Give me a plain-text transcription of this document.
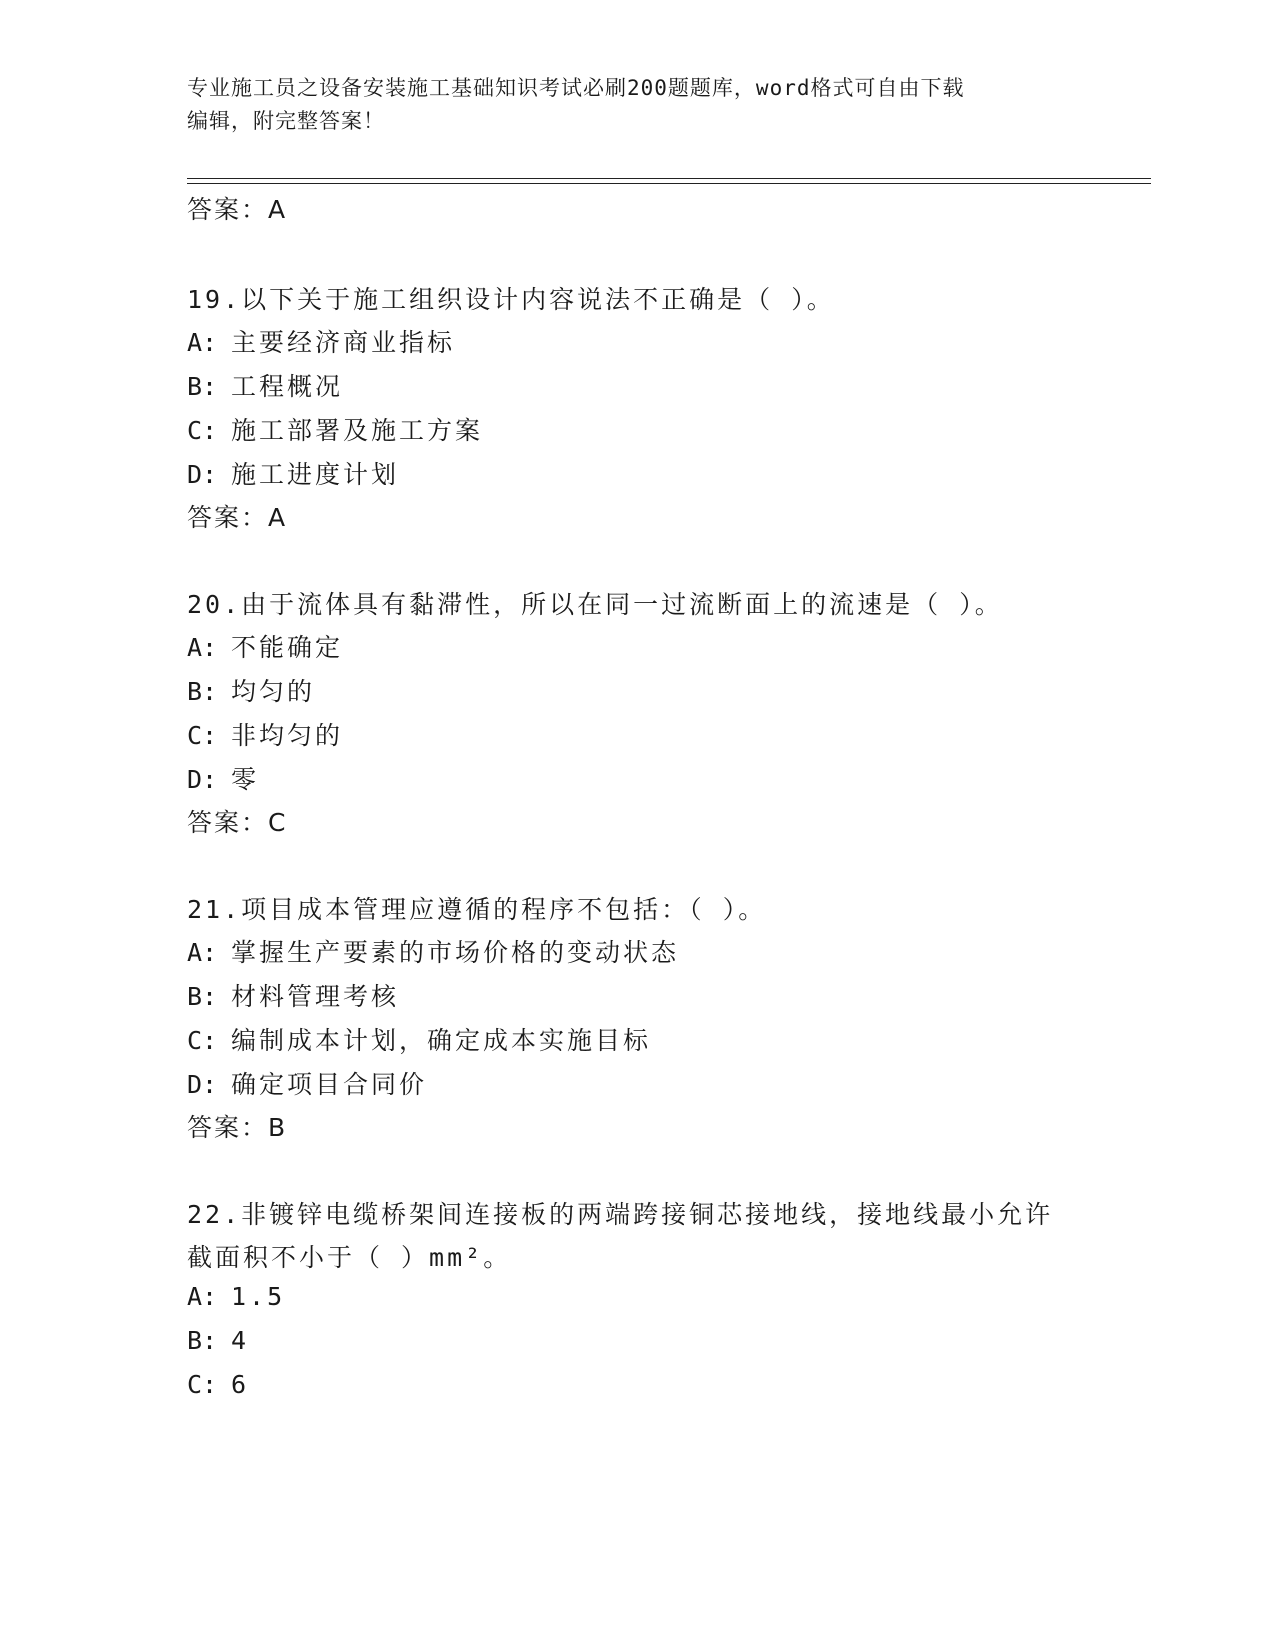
专业施工员之设备安装施工基础知识考试必刷200题题库，word格式可自由下载
编辑，附完整答案！
答案：A
19.以下关于施工组织设计内容说法不正确是（ ）。
A: 主要经济商业指标
B: 工程概况
C: 施工部署及施工方案
D: 施工进度计划
答案：A
20.由于流体具有黏滞性，所以在同一过流断面上的流速是（ ）。
A: 不能确定
B: 均匀的
C: 非均匀的
D: 零
答案：C
21.项目成本管理应遵循的程序不包括：（ ）。
A: 掌握生产要素的市场价格的变动状态
B: 材料管理考核
C: 编制成本计划，确定成本实施目标
D: 确定项目合同价
答案：B
22.非镀锌电缆桥架间连接板的两端跨接铜芯接地线，接地线最小允许
截面积不小于（ ）mm²。
A: 1.5
B: 4
C: 6
